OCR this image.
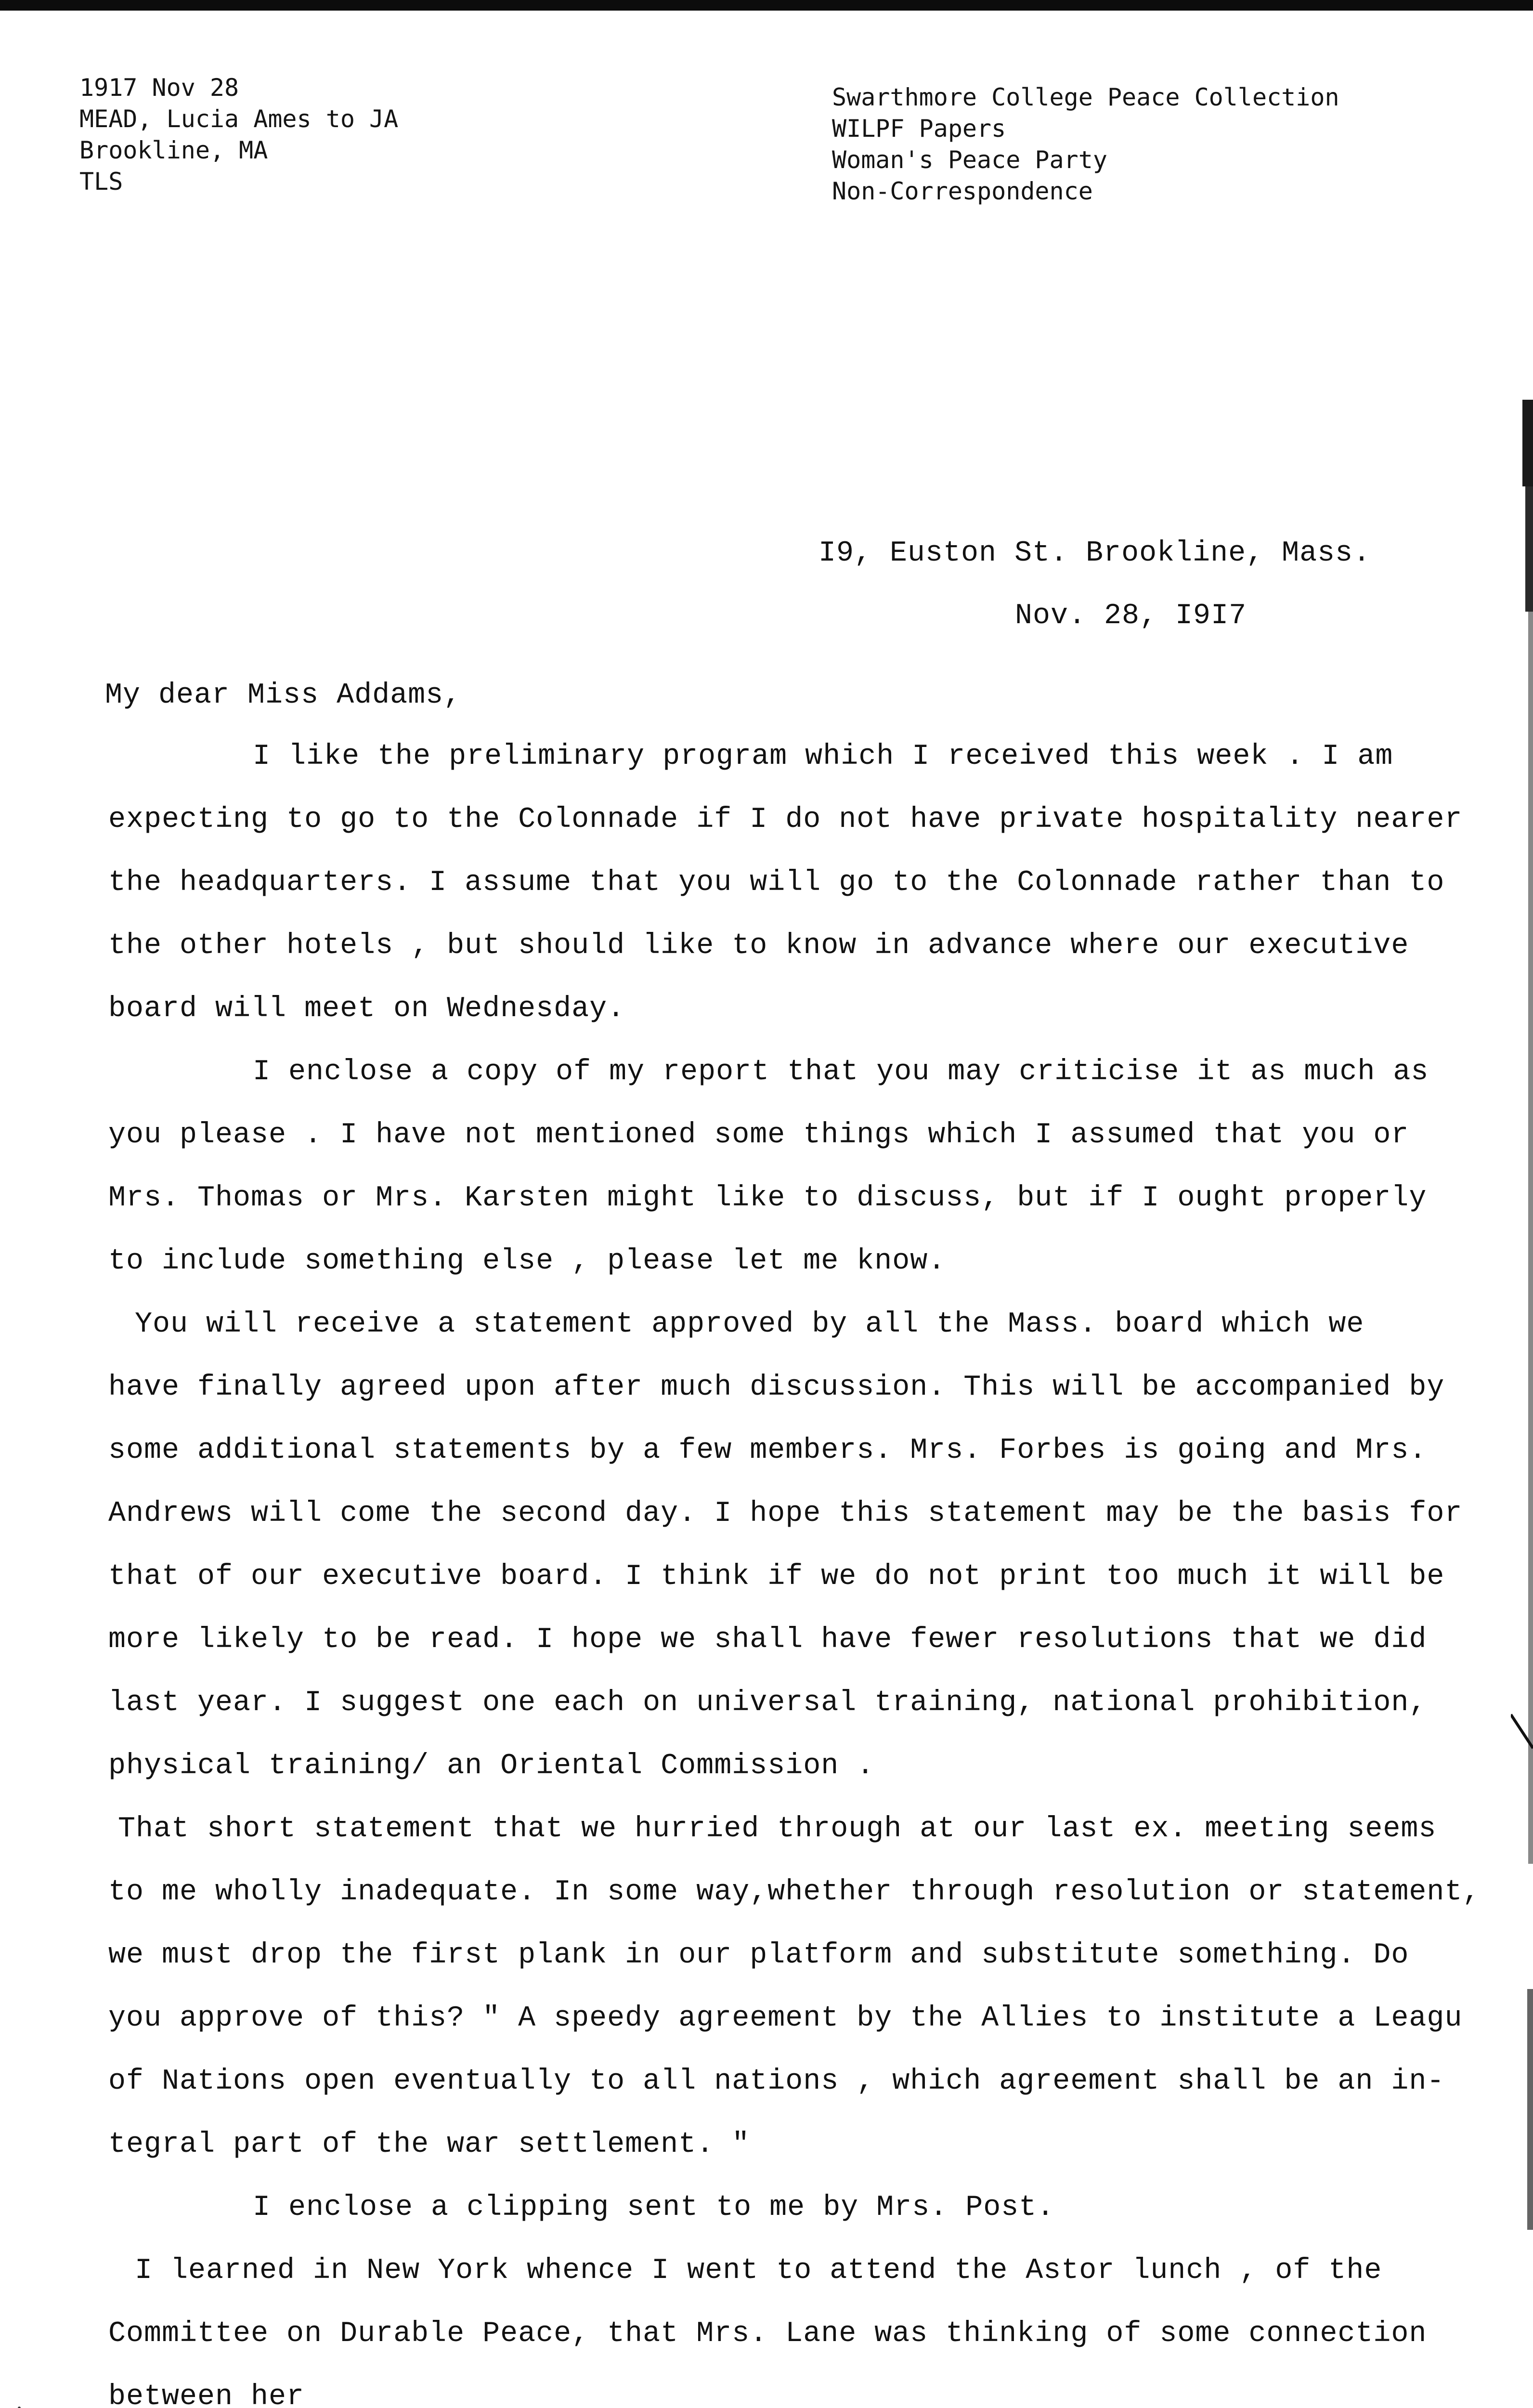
1917 Nov 28
MEAD, Lucia Ames to JA
Brookline, MA
TLS
Swarthmore College Peace Collection
WILPF Papers
Woman's Peace Party
Non-Correspondence
I9, Euston St. Brookline, Mass.
Nov. 28, I9I7
My dear Miss Addams,
I like the preliminary program which I received this week . I am
expecting to go to the Colonnade if I do not have private hospitality nearer
the headquarters. I assume that you will go to the Colonnade rather than to
the other hotels , but should like to know in advance where our executive
board will meet on Wednesday.
I enclose a copy of my report that you may criticise it as much as
you please . I have not mentioned some things which I assumed that you or
Mrs. Thomas or Mrs. Karsten might like to discuss, but if I ought properly
to include something else , please let me know.
You will receive a statement approved by all the Mass. board which we
have finally agreed upon after much discussion. This will be accompanied by
some additional statements by a few members. Mrs. Forbes is going and Mrs.
Andrews will come the second day. I hope this statement may be the basis for
that of our executive board. I think if we do not print too much it will be
more likely to be read. I hope we shall have fewer resolutions that we did
last year. I suggest one each on universal training, national prohibition,
physical training/ an Oriental Commission .
That short statement that we hurried through at our last ex. meeting seems
to me wholly inadequate. In some way,whether through resolution or statement,
we must drop the first plank in our platform and substitute something. Do
you approve of this? " A speedy agreement by the Allies to institute a Leagu
of Nations open eventually to all nations , which agreement shall be an in-
tegral part of the war settlement. "
I enclose a clipping sent to me by Mrs. Post.
I learned in New York whence I went to attend the Astor lunch , of the
Committee on Durable Peace, that Mrs. Lane was thinking of some connection
between her
